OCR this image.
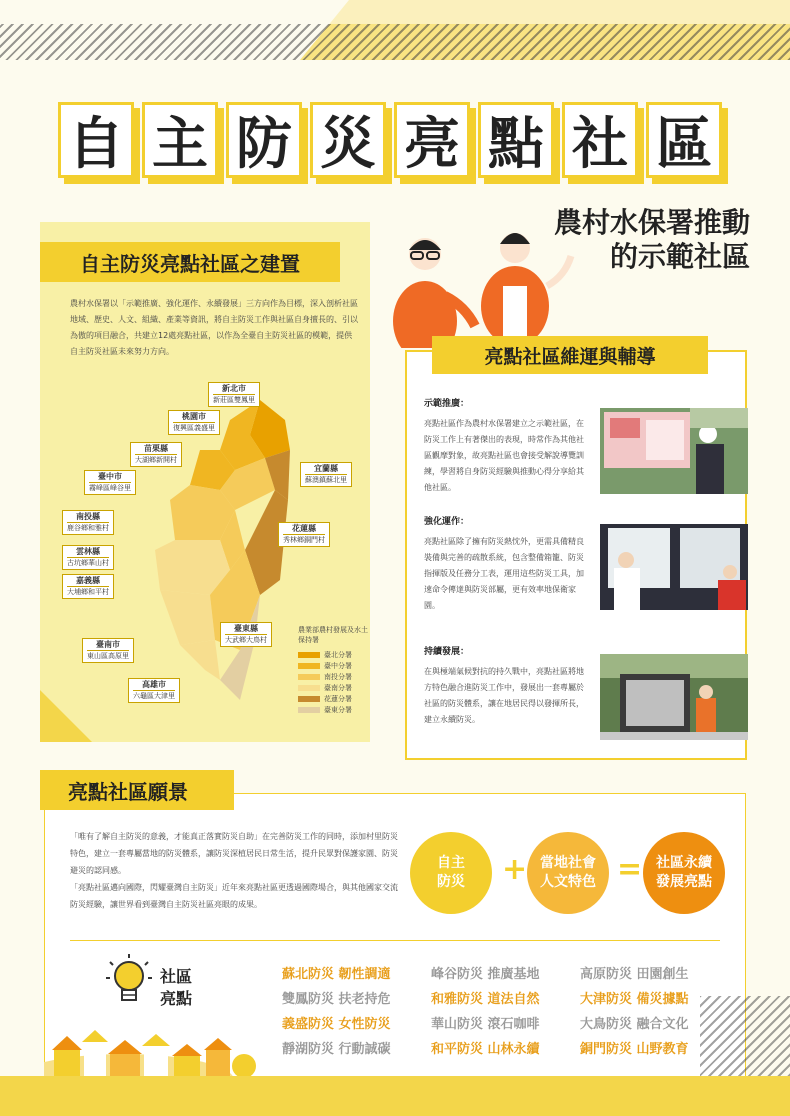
自 主 防 災 亮 點 社 區
農村水保署推動
的示範社區
自主防災亮點社區之建置
農村水保署以「示範推廣、強化運作、永續發展」三方向作為目標，深入剖析社區地域、歷史、人文、組織、產業等資訊，將自主防災工作與社區自身擅長的、引以為傲的項目融合，共建立12處亮點社區，以作為全臺自主防災社區的模範，提供自主防災社區未來努力方向。
新北市
新莊區雙鳳里
桃園市
復興區義盛里
苗栗縣
大湖鄉新開村
臺中市
霧峰區峰谷里
宜蘭縣
蘇澳鎮蘇北里
南投縣
鹿谷鄉和雅村	花蓮縣
秀林鄉銅門村
雲林縣
古坑鄉華山村
嘉義縣
大埔鄉和平村
臺東縣
大武鄉大鳥村
臺南市
東山區高原里
高雄市
六龜區大津里
農業部農村發展及水土保持署
臺北分署
臺中分署
南投分署
臺南分署
花蓮分署
臺東分署
亮點社區維運與輔導
示範推廣：

亮點社區作為農村水保署建立之示範社區，在防災工作上有著傑出的表現，時常作為其他社區觀摩對象，故亮點社區也會接受解說導覽訓練，學習將自身防災經驗與推動心得分享給其他社區。

強化運作：

亮點社區除了擁有防災熱忱外，更需具備精良裝備與完善的疏散系統，包含整備箱籠、防災指揮版及任務分工表，運用這些防災工具，加速命令傳達與防災部屬，更有效率地保衛家園。

持續發展：

在與極端氣候對抗的持久戰中，亮點社區將地方特色融合進防災工作中，發展出一套專屬於社區的防災體系，讓在地居民得以發揮所長，建立永續防災。

亮點社區願景

「唯有了解自主防災的意義，才能真正落實防災自助」在完善防災工作的同時，添加村里防災特色，建立一套專屬當地的防災體系，讓防災深植居民日常生活，提升民眾對保護家園、防災避災的認同感。

「亮點社區邁向國際，閃耀臺灣自主防災」近年來亮點社區更透過國際場合，與其他國家交流防災經驗，讓世界看到臺灣自主防災社區亮眼的成果。

自主
防災 + 當地社會
人文特色 = 社區永續
發展亮點
社區
亮點
蘇北防災 韌性調適	峰谷防災 推廣基地	高原防災 田園創生
雙鳳防災 扶老持危	和雅防災 道法自然	大津防災 備災據點
義盛防災 女性防災	華山防災 滾石咖啡	大鳥防災 融合文化
靜湖防災 行動誠碳	和平防災 山林永續	銅門防災 山野教育
